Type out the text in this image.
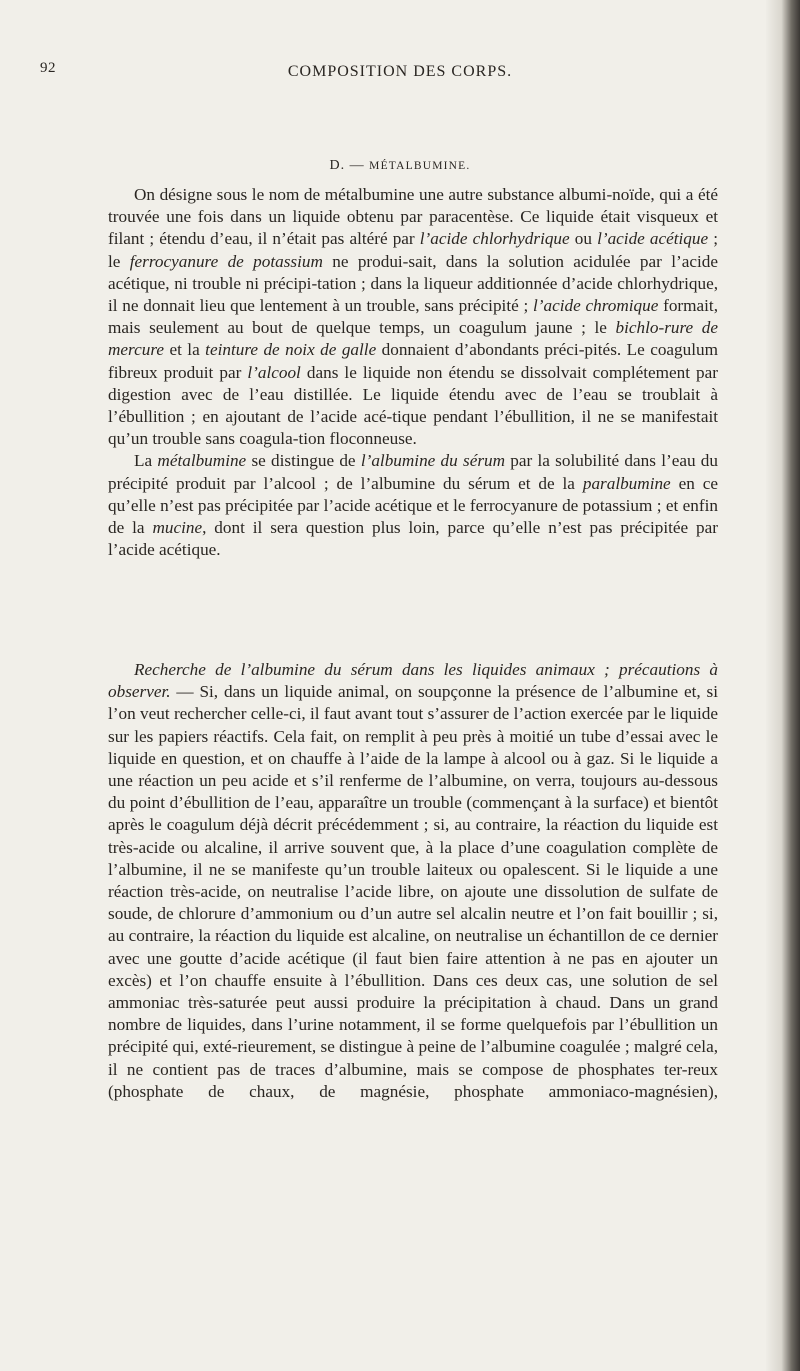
92	COMPOSITION DES CORPS.
D. — MÉTALBUMINE.

On désigne sous le nom de métalbumine une autre substance albumi-noïde, qui a été trouvée une fois dans un liquide obtenu par paracentèse. Ce liquide était visqueux et filant ; étendu d’eau, il n’était pas altéré par l’acide chlorhydrique ou l’acide acétique ; le ferrocyanure de potassium ne produi-sait, dans la solution acidulée par l’acide acétique, ni trouble ni précipi-tation ; dans la liqueur additionnée d’acide chlorhydrique, il ne donnait lieu que lentement à un trouble, sans précipité ; l’acide chromique formait, mais seulement au bout de quelque temps, un coagulum jaune ; le bichlo-rure de mercure et la teinture de noix de galle donnaient d’abondants préci-pités. Le coagulum fibreux produit par l’alcool dans le liquide non étendu se dissolvait complétement par digestion avec de l’eau distillée. Le liquide étendu avec de l’eau se troublait à l’ébullition ; en ajoutant de l’acide acé-tique pendant l’ébullition, il ne se manifestait qu’un trouble sans coagula-tion floconneuse.

La métalbumine se distingue de l’albumine du sérum par la solubilité dans l’eau du précipité produit par l’alcool ; de l’albumine du sérum et de la paralbumine en ce qu’elle n’est pas précipitée par l’acide acétique et le ferrocyanure de potassium ; et enfin de la mucine, dont il sera question plus loin, parce qu’elle n’est pas précipitée par l’acide acétique.

Recherche de l’albumine du sérum dans les liquides animaux ; précautions à observer. — Si, dans un liquide animal, on soupçonne la présence de l’albumine et, si l’on veut rechercher celle-ci, il faut avant tout s’assurer de l’action exercée par le liquide sur les papiers réactifs. Cela fait, on remplit à peu près à moitié un tube d’essai avec le liquide en question, et on chauffe à l’aide de la lampe à alcool ou à gaz. Si le liquide a une réaction un peu acide et s’il renferme de l’albumine, on verra, toujours au-dessous du point d’ébullition de l’eau, apparaître un trouble (commençant à la surface) et bientôt après le coagulum déjà décrit précédemment ; si, au contraire, la réaction du liquide est très-acide ou alcaline, il arrive souvent que, à la place d’une coagulation complète de l’albumine, il ne se manifeste qu’un trouble laiteux ou opalescent. Si le liquide a une réaction très-acide, on neutralise l’acide libre, on ajoute une dissolution de sulfate de soude, de chlorure d’ammonium ou d’un autre sel alcalin neutre et l’on fait bouillir ; si, au contraire, la réaction du liquide est alcaline, on neutralise un échantillon de ce dernier avec une goutte d’acide acétique (il faut bien faire attention à ne pas en ajouter un excès) et l’on chauffe ensuite à l’ébullition. Dans ces deux cas, une solution de sel ammoniac très-saturée peut aussi produire la précipitation à chaud. Dans un grand nombre de liquides, dans l’urine notamment, il se forme quelquefois par l’ébullition un précipité qui, exté-rieurement, se distingue à peine de l’albumine coagulée ; malgré cela, il ne contient pas de traces d’albumine, mais se compose de phosphates ter-reux (phosphate de chaux, de magnésie, phosphate ammoniaco-magnésien),
